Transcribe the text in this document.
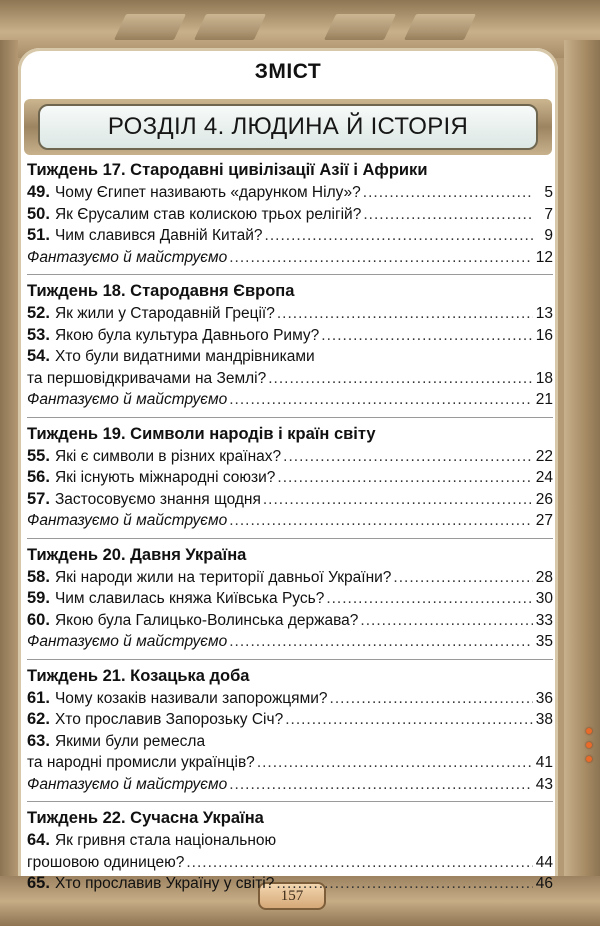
157
ЗМІСТ
РОЗДІЛ 4. ЛЮДИНА Й ІСТОРІЯ
Тиждень 17. Стародавні цивілізації Азії і Африки
49. Чому Єгипет називають «дарунком Нілу»? .....	5
50. Як Єрусалим став колискою трьох релігій? .....	7
51. Чим славився Давній Китай? .....	9
Фантазуємо й майструємо .....	12
Тиждень 18. Стародавня Європа
52. Як жили у Стародавній Греції? .....	13
53. Якою була культура Давнього Риму? .....	16
54. Хто були видатними мандрівниками
та першовідкривачами на Землі? .....	18
Фантазуємо й майструємо .....	21
Тиждень 19. Символи народів і країн світу
55. Які є символи в різних країнах? .....	22
56. Які існують міжнародні союзи? .....	24
57. Застосовуємо знання щодня .....	26
Фантазуємо й майструємо .....	27
Тиждень 20. Давня Україна
58. Які народи жили на території давньої України? .....	28
59. Чим славилась княжа Київська Русь? .....	30
60. Якою була Галицько-Волинська держава? .....	33
Фантазуємо й майструємо .....	35
Тиждень 21. Козацька доба
61. Чому козаків називали запорожцями? .....	36
62. Хто прославив Запорозьку Січ? .....	38
63. Якими були ремесла
та народні промисли українців? .....	41
Фантазуємо й майструємо .....	43
Тиждень 22. Сучасна Україна
64. Як гривня стала національною
грошовою одиницею? .....	44
65. Хто прославив Україну у світі? .....	46
